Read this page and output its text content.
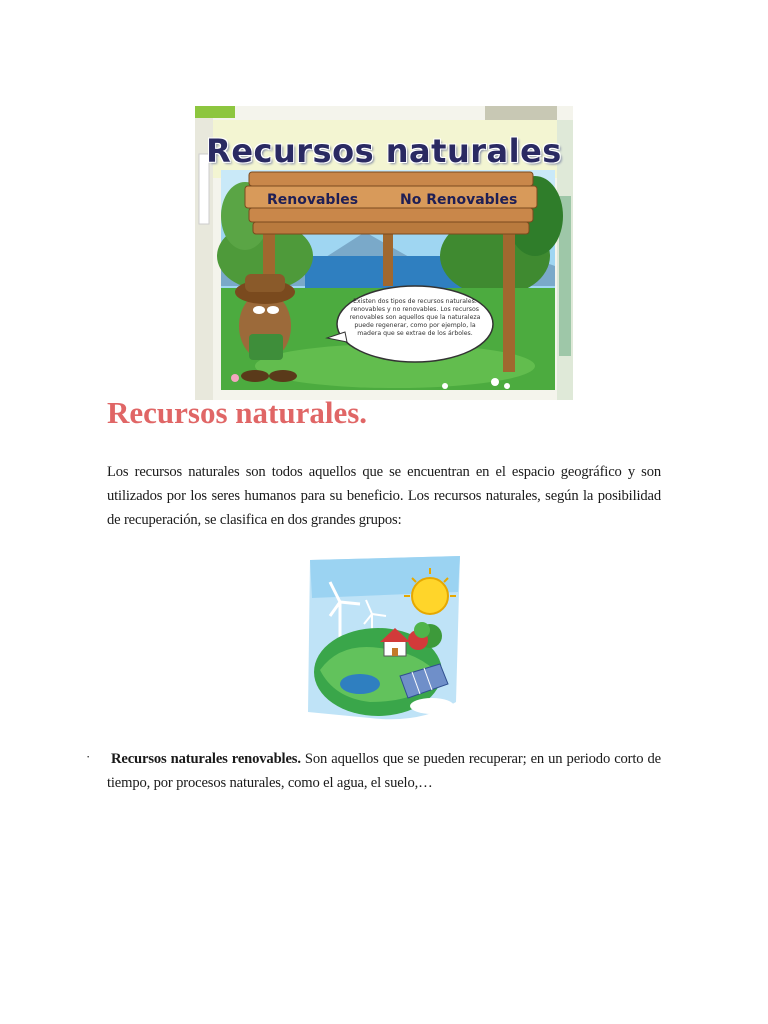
Recursos naturales
Renovables	No Renovables
Existen dos tipos de recursos naturales: renovables y no renovables. Los recursos renovables son aquellos que la naturaleza puede regenerar, como por ejemplo, la madera que se extrae de los árboles.
Recursos naturales.

Los recursos naturales son todos aquellos que se encuentran en el espacio geográfico y son utilizados por los seres humanos para su beneficio. Los recursos naturales, según la posibilidad de recuperación, se clasifica en dos grandes grupos:

· Recursos naturales renovables. Son aquellos que se pueden recuperar; en un periodo corto de tiempo, por procesos naturales, como el agua, el suelo,…
